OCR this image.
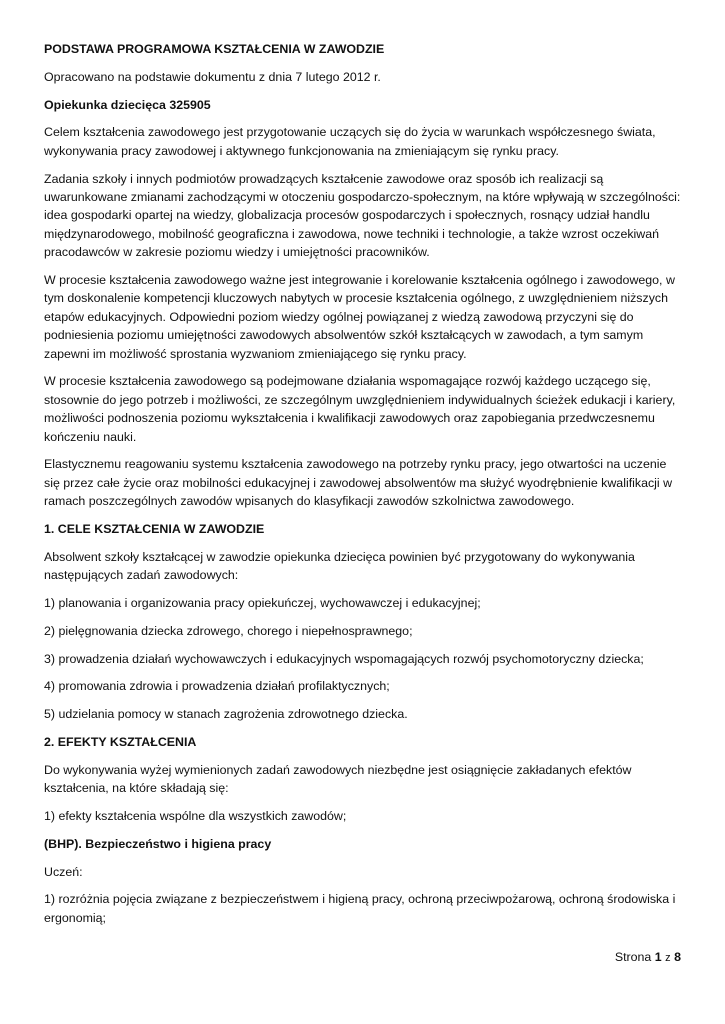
PODSTAWA PROGRAMOWA KSZTAŁCENIA W ZAWODZIE

Opracowano na podstawie dokumentu z dnia 7 lutego 2012 r.

Opiekunka dziecięca 325905

Celem kształcenia zawodowego jest przygotowanie uczących się do życia w warunkach współczesnego świata, wykonywania pracy zawodowej i aktywnego funkcjonowania na zmieniającym się rynku pracy.

Zadania szkoły i innych podmiotów prowadzących kształcenie zawodowe oraz sposób ich realizacji są uwarunkowane zmianami zachodzącymi w otoczeniu gospodarczo-społecznym, na które wpływają w szczególności: idea gospodarki opartej na wiedzy, globalizacja procesów gospodarczych i społecznych, rosnący udział handlu międzynarodowego, mobilność geograficzna i zawodowa, nowe techniki i technologie, a także wzrost oczekiwań pracodawców w zakresie poziomu wiedzy i umiejętności pracowników.

W procesie kształcenia zawodowego ważne jest integrowanie i korelowanie kształcenia ogólnego i zawodowego, w tym doskonalenie kompetencji kluczowych nabytych w procesie kształcenia ogólnego, z uwzględnieniem niższych etapów edukacyjnych. Odpowiedni poziom wiedzy ogólnej powiązanej z wiedzą zawodową przyczyni się do podniesienia poziomu umiejętności zawodowych absolwentów szkół kształcących w zawodach, a tym samym zapewni im możliwość sprostania wyzwaniom zmieniającego się rynku pracy.

W procesie kształcenia zawodowego są podejmowane działania wspomagające rozwój każdego uczącego się, stosownie do jego potrzeb i możliwości, ze szczególnym uwzględnieniem indywidualnych ścieżek edukacji i kariery, możliwości podnoszenia poziomu wykształcenia i kwalifikacji zawodowych oraz zapobiegania przedwczesnemu kończeniu nauki.

Elastycznemu reagowaniu systemu kształcenia zawodowego na potrzeby rynku pracy, jego otwartości na uczenie się przez całe życie oraz mobilności edukacyjnej i zawodowej absolwentów ma służyć wyodrębnienie kwalifikacji w ramach poszczególnych zawodów wpisanych do klasyfikacji zawodów szkolnictwa zawodowego.

1. CELE KSZTAŁCENIA W ZAWODZIE

Absolwent szkoły kształcącej w zawodzie opiekunka dziecięca powinien być przygotowany do wykonywania następujących zadań zawodowych:

1) planowania i organizowania pracy opiekuńczej, wychowawczej i edukacyjnej;

2) pielęgnowania dziecka zdrowego, chorego i niepełnosprawnego;

3) prowadzenia działań wychowawczych i edukacyjnych wspomagających rozwój psychomotoryczny dziecka;

4) promowania zdrowia i prowadzenia działań profilaktycznych;

5) udzielania pomocy w stanach zagrożenia zdrowotnego dziecka.

2. EFEKTY KSZTAŁCENIA

Do wykonywania wyżej wymienionych zadań zawodowych niezbędne jest osiągnięcie zakładanych efektów kształcenia, na które składają się:

1) efekty kształcenia wspólne dla wszystkich zawodów;

(BHP). Bezpieczeństwo i higiena pracy

Uczeń:

1) rozróżnia pojęcia związane z bezpieczeństwem i higieną pracy, ochroną przeciwpożarową, ochroną środowiska i ergonomią;

Strona 1 z 8
